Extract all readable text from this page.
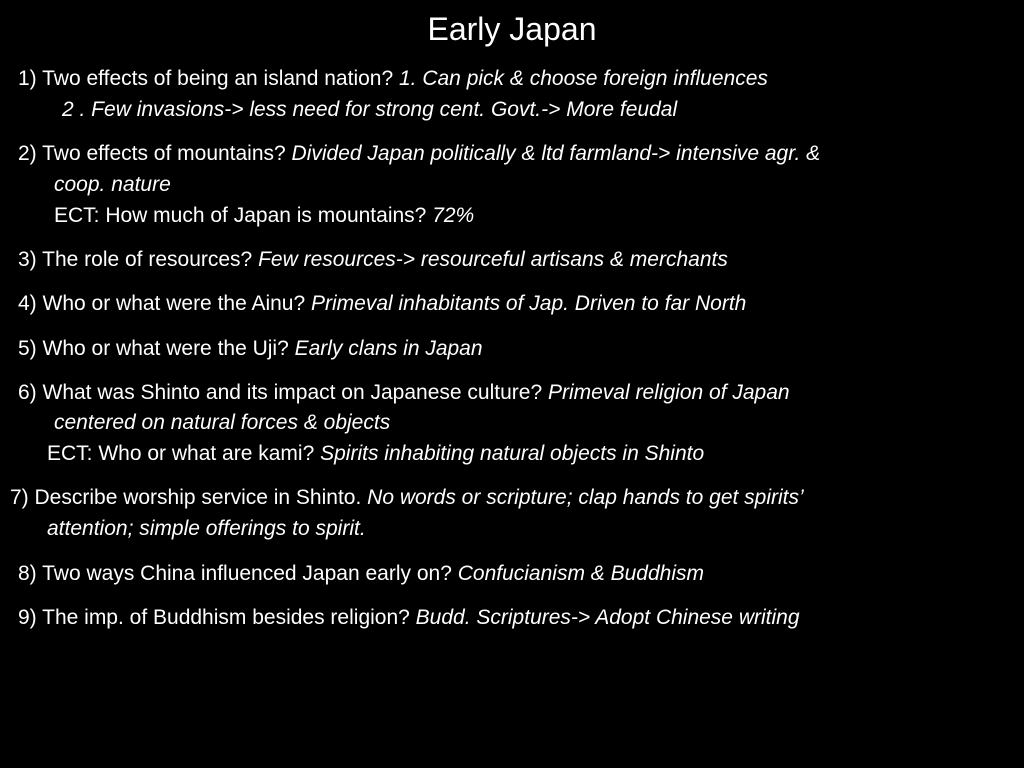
Early Japan
1) Two effects of being an island nation? 1. Can pick & choose foreign influences
2 . Few invasions-> less need for strong cent. Govt.-> More feudal
2) Two effects of mountains? Divided Japan politically & ltd farmland-> intensive agr. &
coop. nature
ECT: How much of Japan is mountains? 72%
3) The role of resources? Few resources-> resourceful artisans & merchants
4) Who or what were the Ainu? Primeval inhabitants of Jap. Driven to far North
5) Who or what were the Uji? Early clans in Japan
6) What was Shinto and its impact on Japanese culture? Primeval religion of Japan
centered on natural forces & objects
ECT: Who or what are kami? Spirits inhabiting natural objects in Shinto
7) Describe worship service in Shinto. No words or scripture; clap hands to get spirits’
attention; simple offerings to spirit.
8) Two ways China influenced Japan early on? Confucianism & Buddhism
9) The imp. of Buddhism besides religion? Budd. Scriptures-> Adopt Chinese writing
